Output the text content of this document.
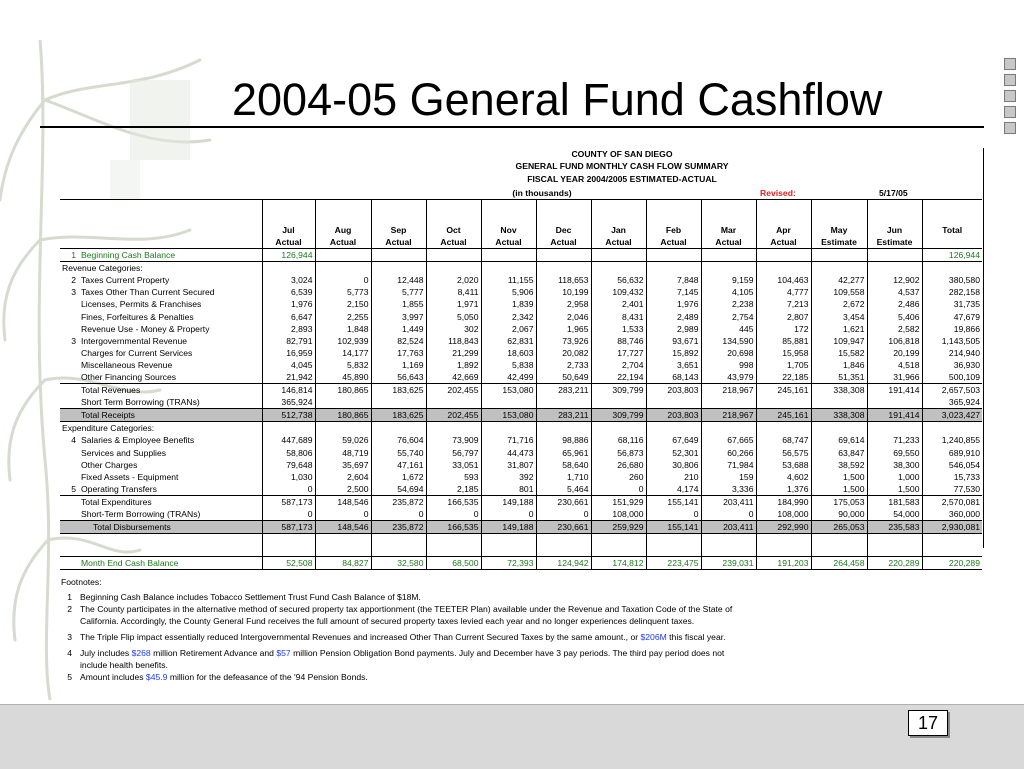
2004-05 General Fund Cashflow
COUNTY OF SAN DIEGO
GENERAL FUND MONTHLY CASH FLOW SUMMARY
FISCAL YEAR 2004/2005 ESTIMATED-ACTUAL
(in thousands)	Revised:	5/17/05

	Jul	Aug	Sep	Oct	Nov	Dec	Jan	Feb	Mar	Apr	May	Jun	Total
	Actual	Actual	Actual	Actual	Actual	Actual	Actual	Actual	Actual	Actual	Estimate	Estimate	
1 Beginning Cash Balance	126,944												126,944
Revenue Categories:													
2 Taxes Current Property	3,024	0	12,448	2,020	11,155	118,653	56,632	7,848	9,159	104,463	42,277	12,902	380,580
3 Taxes Other Than Current Secured	6,539	5,773	5,777	8,411	5,906	10,199	109,432	7,145	4,105	4,777	109,558	4,537	282,158
Licenses, Permits & Franchises	1,976	2,150	1,855	1,971	1,839	2,958	2,401	1,976	2,238	7,213	2,672	2,486	31,735
Fines, Forfeitures & Penalties	6,647	2,255	3,997	5,050	2,342	2,046	8,431	2,489	2,754	2,807	3,454	5,406	47,679
Revenue Use - Money & Property	2,893	1,848	1,449	302	2,067	1,965	1,533	2,989	445	172	1,621	2,582	19,866
3 Intergovernmental Revenue	82,791	102,939	82,524	118,843	62,831	73,926	88,746	93,671	134,590	85,881	109,947	106,818	1,143,505
Charges for Current Services	16,959	14,177	17,763	21,299	18,603	20,082	17,727	15,892	20,698	15,958	15,582	20,199	214,940
Miscellaneous Revenue	4,045	5,832	1,169	1,892	5,838	2,733	2,704	3,651	998	1,705	1,846	4,518	36,930
Other Financing Sources	21,942	45,890	56,643	42,669	42,499	50,649	22,194	68,143	43,979	22,185	51,351	31,966	500,109
Total Revenues	146,814	180,865	183,625	202,455	153,080	283,211	309,799	203,803	218,967	245,161	338,308	191,414	2,657,503
Short Term Borrowing (TRANs)	365,924												365,924
Total Receipts	512,738	180,865	183,625	202,455	153,080	283,211	309,799	203,803	218,967	245,161	338,308	191,414	3,023,427
Expenditure Categories:													
4 Salaries & Employee Benefits	447,689	59,026	76,604	73,909	71,716	98,886	68,116	67,649	67,665	68,747	69,614	71,233	1,240,855
Services and Supplies	58,806	48,719	55,740	56,797	44,473	65,961	56,873	52,301	60,266	56,575	63,847	69,550	689,910
Other Charges	79,648	35,697	47,161	33,051	31,807	58,640	26,680	30,806	71,984	53,688	38,592	38,300	546,054
Fixed Assets - Equipment	1,030	2,604	1,672	593	392	1,710	260	210	159	4,602	1,500	1,000	15,733
5 Operating Transfers	0	2,500	54,694	2,185	801	5,464	0	4,174	3,336	1,376	1,500	1,500	77,530
Total Expenditures	587,173	148,546	235,872	166,535	149,188	230,661	151,929	155,141	203,411	184,990	175,053	181,583	2,570,081
Short-Term Borrowing (TRANs)	0	0	0	0	0	0	108,000	0	0	108,000	90,000	54,000	360,000
Total Disbursements	587,173	148,546	235,872	166,535	149,188	230,661	259,929	155,141	203,411	292,990	265,053	235,583	2,930,081

Month End Cash Balance	52,508	84,827	32,580	68,500	72,393	124,942	174,812	223,475	239,031	191,203	264,458	220,289	220,289
Footnotes:
1 Beginning Cash Balance includes Tobacco Settlement Trust Fund Cash Balance of $18M.
2 The County participates in the alternative method of secured property tax apportionment (the TEETER Plan) available under the Revenue and Taxation Code of the State of
California. Accordingly, the County General Fund receives the full amount of secured property taxes levied each year and no longer experiences delinquent taxes.
3 The Triple Flip impact essentially reduced Intergovernmental Revenues and increased Other Than Current Secured Taxes by the same amount., or $206M this fiscal year.
4 July includes $268 million Retirement Advance and $57 million Pension Obligation Bond payments. July and December have 3 pay periods. The third pay period does not
include health benefits.
5 Amount includes $45.9 million for the defeasance of the '94 Pension Bonds.
17
